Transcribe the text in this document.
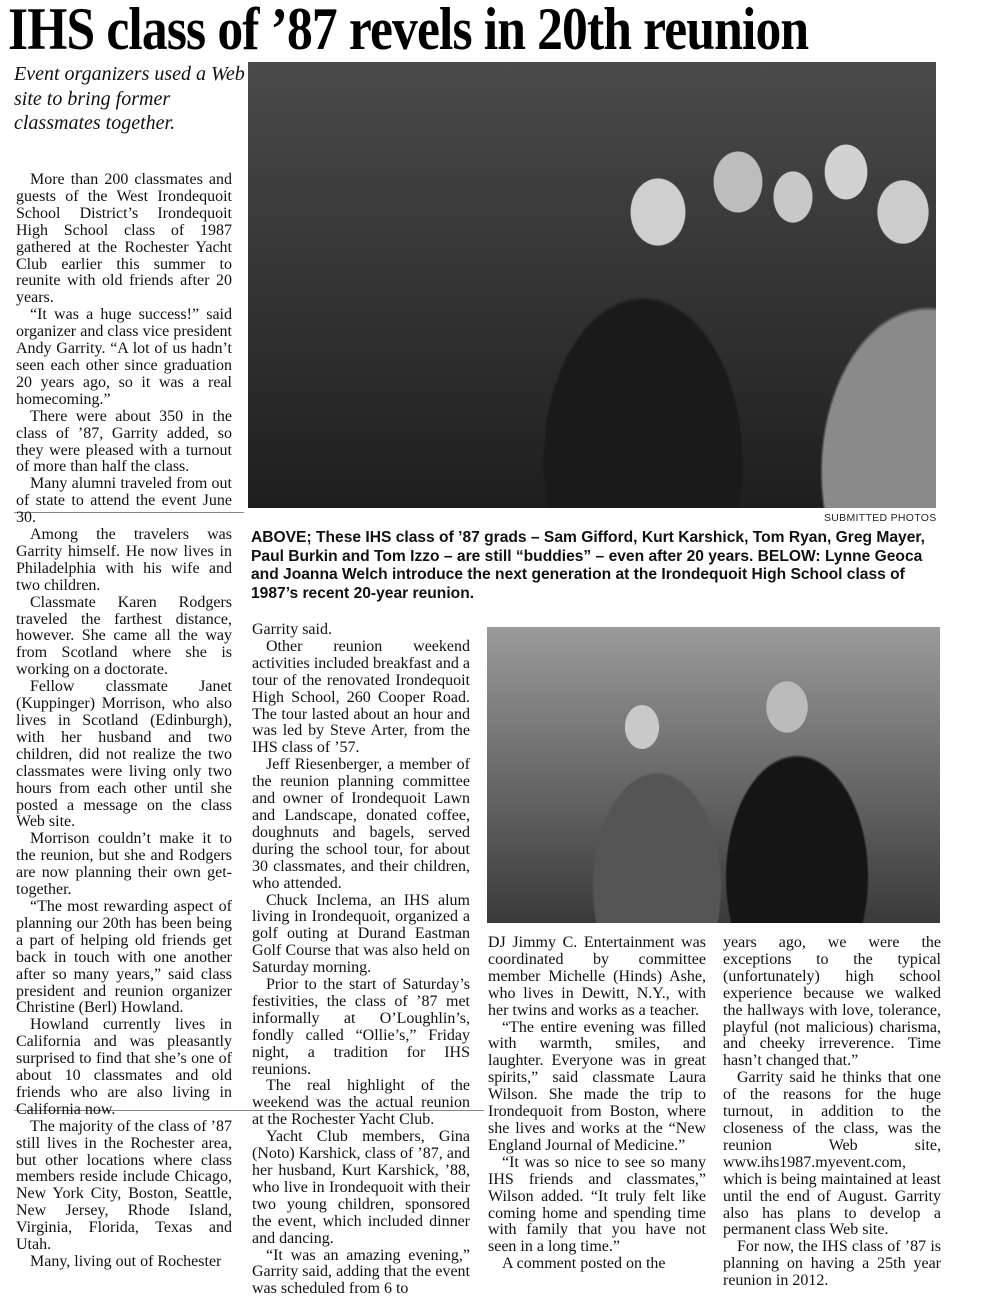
IHS class of ’87 revels in 20th reunion
Event organizers used a Web site to bring former classmates together.
SUBMITTED PHOTOS
ABOVE; These IHS class of ’87 grads – Sam Gifford, Kurt Karshick, Tom Ryan, Greg Mayer, Paul Burkin and Tom Izzo – are still “buddies” – even after 20 years. BELOW: Lynne Geoca and Joanna Welch introduce the next generation at the Irondequoit High School class of 1987’s recent 20-year reunion.

More than 200 classmates and guests of the West Irondequoit School District’s Irondequoit High School class of 1987 gathered at the Rochester Yacht Club earlier this summer to reunite with old friends after 20 years.

“It was a huge success!” said organizer and class vice president Andy Garrity. “A lot of us hadn’t seen each other since graduation 20 years ago, so it was a real homecoming.”

There were about 350 in the class of ’87, Garrity added, so they were pleased with a turnout of more than half the class.

Many alumni traveled from out of state to attend the event June 30.

Among the travelers was Garrity himself. He now lives in Philadelphia with his wife and two children.

Classmate Karen Rodgers traveled the farthest distance, however. She came all the way from Scotland where she is working on a doctorate.

Fellow classmate Janet (Kuppinger) Morrison, who also lives in Scotland (Edinburgh), with her husband and two children, did not realize the two classmates were living only two hours from each other until she posted a message on the class Web site.

Morrison couldn’t make it to the reunion, but she and Rodgers are now planning their own get-together.

“The most rewarding aspect of planning our 20th has been being a part of helping old friends get back in touch with one another after so many years,” said class president and reunion organizer Christine (Berl) Howland.

Howland currently lives in California and was pleasantly surprised to find that she’s one of about 10 classmates and old friends who are also living in California now.

The majority of the class of ’87 still lives in the Rochester area, but other locations where class members reside include Chicago, New York City, Boston, Seattle, New Jersey, Rhode Island, Virginia, Florida, Texas and Utah.

Many, living out of Rochester

Garrity said.

Other reunion weekend activities included breakfast and a tour of the renovated Irondequoit High School, 260 Cooper Road. The tour lasted about an hour and was led by Steve Arter, from the IHS class of ’57.

Jeff Riesenberger, a member of the reunion planning committee and owner of Irondequoit Lawn and Landscape, donated coffee, doughnuts and bagels, served during the school tour, for about 30 classmates, and their children, who attended.

Chuck Inclema, an IHS alum living in Irondequoit, organized a golf outing at Durand Eastman Golf Course that was also held on Saturday morning.

Prior to the start of Saturday’s festivities, the class of ’87 met informally at O’Loughlin’s, fondly called “Ollie’s,” Friday night, a tradition for IHS reunions.

The real highlight of the weekend was the actual reunion at the Rochester Yacht Club.

Yacht Club members, Gina (Noto) Karshick, class of ’87, and her husband, Kurt Karshick, ’88, who live in Irondequoit with their two young children, sponsored the event, which included dinner and dancing.

“It was an amazing evening,” Garrity said, adding that the event was scheduled from 6 to

DJ Jimmy C. Entertainment was coordinated by committee member Michelle (Hinds) Ashe, who lives in Dewitt, N.Y., with her twins and works as a teacher.

“The entire evening was filled with warmth, smiles, and laughter. Everyone was in great spirits,” said classmate Laura Wilson. She made the trip to Irondequoit from Boston, where she lives and works at the “New England Journal of Medicine.”

“It was so nice to see so many IHS friends and classmates,” Wilson added. “It truly felt like coming home and spending time with family that you have not seen in a long time.”

A comment posted on the

years ago, we were the exceptions to the typical (unfortunately) high school experience because we walked the hallways with love, tolerance, playful (not malicious) charisma, and cheeky irreverence. Time hasn’t changed that.”

Garrity said he thinks that one of the reasons for the huge turnout, in addition to the closeness of the class, was the reunion Web site, www.ihs1987.myevent.com, which is being maintained at least until the end of August. Garrity also has plans to develop a permanent class Web site.

For now, the IHS class of ’87 is planning on having a 25th year reunion in 2012.
